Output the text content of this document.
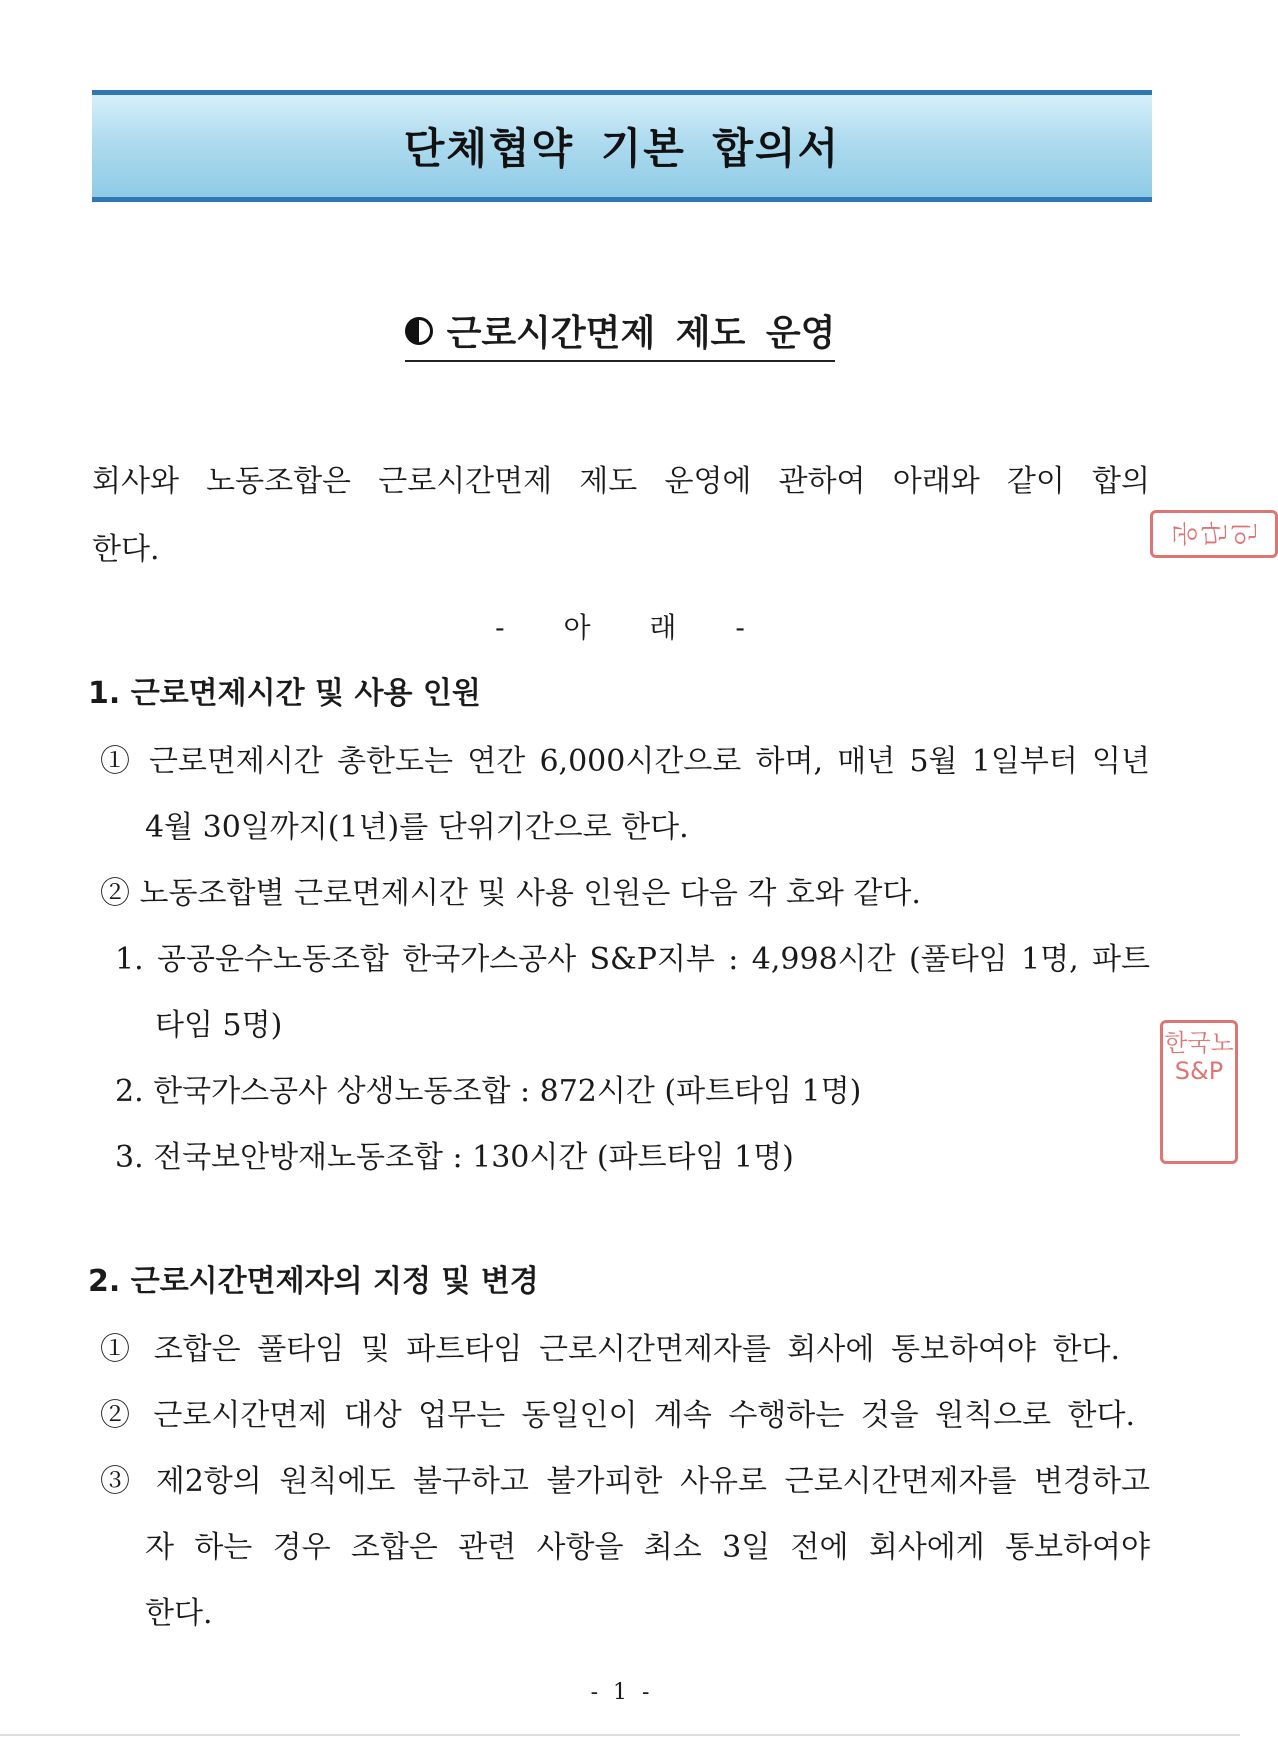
단체협약 기본 합의서
근로시간면제 제도 운영
회사와 노동조합은 근로시간면제 제도 운영에 관하여 아래와 같이 합의
한다.
- 아 래 -
1. 근로면제시간 및 사용 인원
① 근로면제시간 총한도는 연간 6,000시간으로 하며, 매년 5월 1일부터 익년
4월 30일까지(1년)를 단위기간으로 한다.
② 노동조합별 근로면제시간 및 사용 인원은 다음 각 호와 같다.
1. 공공운수노동조합 한국가스공사 S&P지부 : 4,998시간 (풀타임 1명, 파트
타임 5명)
2. 한국가스공사 상생노동조합 : 872시간 (파트타임 1명)
3. 전국보안방재노동조합 : 130시간 (파트타임 1명)
2. 근로시간면제자의 지정 및 변경
① 조합은 풀타임 및 파트타임 근로시간면제자를 회사에 통보하여야 한다.
② 근로시간면제 대상 업무는 동일인이 계속 수행하는 것을 원칙으로 한다.
③ 제2항의 원칙에도 불구하고 불가피한 사유로 근로시간면제자를 변경하고
자 하는 경우 조합은 관련 사항을 최소 3일 전에 회사에게 통보하여야
한다.
- 1 -
공단인
한국노 S&P
